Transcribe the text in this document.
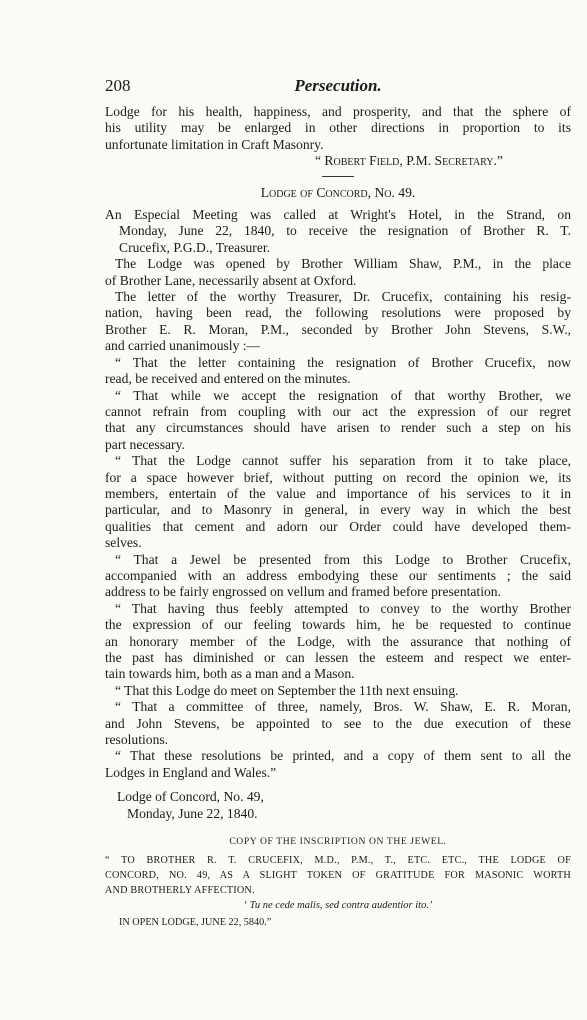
208	Persecution.
Lodge for his health, happiness, and prosperity, and that the sphere of
his utility may be enlarged in other directions in proportion to its
unfortunate limitation in Craft Masonry.
“ Robert Field, P.M. Secretary.”
Lodge of Concord, No. 49.
An Especial Meeting was called at Wright's Hotel, in the Strand, on
Monday, June 22, 1840, to receive the resignation of Brother R. T.
Crucefix, P.G.D., Treasurer.
The Lodge was opened by Brother William Shaw, P.M., in the place
of Brother Lane, necessarily absent at Oxford.
The letter of the worthy Treasurer, Dr. Crucefix, containing his resig-
nation, having been read, the following resolutions were proposed by
Brother E. R. Moran, P.M., seconded by Brother John Stevens, S.W.,
and carried unanimously :—
“ That the letter containing the resignation of Brother Crucefix, now
read, be received and entered on the minutes.
“ That while we accept the resignation of that worthy Brother, we
cannot refrain from coupling with our act the expression of our regret
that any circumstances should have arisen to render such a step on his
part necessary.
“ That the Lodge cannot suffer his separation from it to take place,
for a space however brief, without putting on record the opinion we, its
members, entertain of the value and importance of his services to it in
particular, and to Masonry in general, in every way in which the best
qualities that cement and adorn our Order could have developed them-
selves.
“ That a Jewel be presented from this Lodge to Brother Crucefix,
accompanied with an address embodying these our sentiments ; the said
address to be fairly engrossed on vellum and framed before presentation.
“ That having thus feebly attempted to convey to the worthy Brother
the expression of our feeling towards him, he be requested to continue
an honorary member of the Lodge, with the assurance that nothing of
the past has diminished or can lessen the esteem and respect we enter-
tain towards him, both as a man and a Mason.
“ That this Lodge do meet on September the 11th next ensuing.
“ That a committee of three, namely, Bros. W. Shaw, E. R. Moran,
and John Stevens, be appointed to see to the due execution of these
resolutions.
“ That these resolutions be printed, and a copy of them sent to all the
Lodges in England and Wales.”
Lodge of Concord, No. 49,
Monday, June 22, 1840.
COPY OF THE INSCRIPTION ON THE JEWEL.
“ TO BROTHER R. T. CRUCEFIX, M.D., P.M., T., ETC. ETC., THE LODGE OF
CONCORD, NO. 49, AS A SLIGHT TOKEN OF GRATITUDE FOR MASONIC WORTH
AND BROTHERLY AFFECTION.
‘ Tu ne cede malis, sed contra audentior ito.’
IN OPEN LODGE, JUNE 22, 5840.”
